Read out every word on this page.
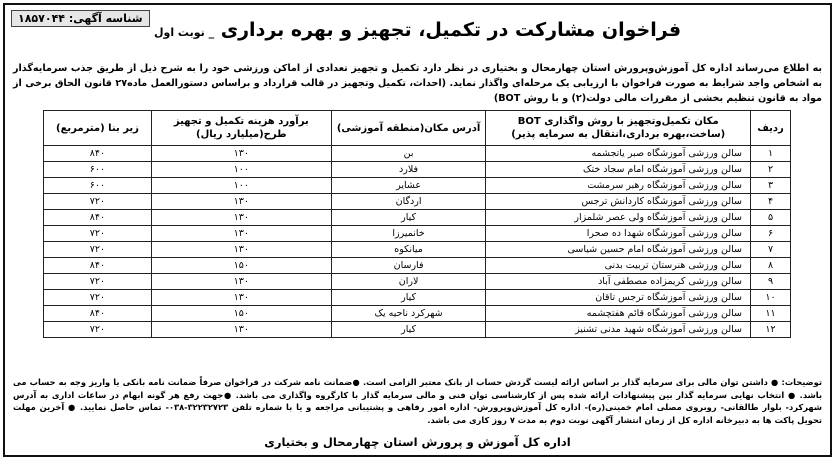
شناسه آگهی: ۱۸۵۷۰۴۴
فراخوان مشارکت در تکمیل، تجهیز و بهره برداری _ نوبت اول
به اطلاع می‌رساند اداره کل آموزش‌وپرورش استان چهارمحال و بختیاری در نظر دارد تکمیل و تجهیز تعدادی از اماکن ورزشی خود را به شرح ذیل از طریق جذب سرمایه‌گذار به اشخاص واجد شرایط به صورت فراخوان با ارزیابی یک مرحله‌ای واگذار نماید. (احداث، تکمیل وتجهیز در قالب قرارداد و براساس دستورالعمل ماده۲۷ قانون الحاق برخی از مواد به قانون تنظیم بخشی از مقررات مالی دولت(۲) و با روش BOT)
ردیف	مکان تکمیل‌وتجهیز با روش واگذاری BOT (ساخت،بهره برداری،انتقال به سرمایه پذیر)	آدرس مکان(منطقه آموزشی)	برآورد هزینه تکمیل و تجهیز طرح(میلیارد ریال)	زیر بنا (مترمربع)
۱	سالن ورزشی آموزشگاه صبر یاتجشمه	بن	۱۳۰	۸۴۰
۲	سالن ورزشی آموزشگاه امام سجاد ختک	فلارد	۱۰۰	۶۰۰
۳	سالن ورزشی آموزشگاه رهبر سرمشت	عشایر	۱۰۰	۶۰۰
۴	سالن ورزشی آموزشگاه کاردانش ترجس	اردگان	۱۳۰	۷۲۰
۵	سالن ورزشی آموزشگاه ولی عصر شلمزار	کیار	۱۳۰	۸۴۰
۶	سالن ورزشی آموزشگاه شهدا ده صحرا	خانمیرزا	۱۳۰	۷۲۰
۷	سالن ورزشی آموزشگاه امام حسین شیاسی	میانکوه	۱۳۰	۷۲۰
۸	سالن ورزشی هنرستان تربیت بدنی	فارسان	۱۵۰	۸۴۰
۹	سالن ورزشی کریمزاده مصطفی آباد	لاران	۱۳۰	۷۲۰
۱۰	سالن ورزشی آموزشگاه ترجس تاقان	کیار	۱۳۰	۷۲۰
۱۱	سالن ورزشی آموزشگاه قائم هفتچشمه	شهرکرد ناحیه یک	۱۵۰	۸۴۰
۱۲	سالن ورزشی آموزشگاه شهید مدنی تشنیز	کیار	۱۳۰	۷۲۰
توضیحات: ● داشتن توان مالی برای سرمایه گذار بر اساس ارائه لیست گردش حساب از بانک معتبر الزامی است. ●ضمانت نامه شرکت در فراخوان صرفاً ضمانت نامه بانکی یا واریز وجه به حساب می باشد. ● انتخاب نهایی سرمایه گذار بین پیشنهادات ارائه شده پس از کارشناسی توان فنی و مالی سرمایه گذار با کارگروه واگذاری می باشد. ●جهت رفع هر گونه ابهام در ساعات اداری به آدرس شهرکرد- بلوار طالقانی- روبروی مصلی امام خمینی(ره)- اداره کل آموزش‌وپرورش- اداره امور رفاهی و پشتیبانی مراجعه و یا با شماره تلفن ۳۲۲۳۲۷۲۳-۰۳۸- تماس حاصل نمایید. ● آخرین مهلت تحویل پاکت ها به دبیرخانه اداره کل از زمان انتشار آگهی نوبت دوم به مدت ۷ روز کاری می باشد.
اداره کل آموزش و پرورش استان چهارمحال و بختیاری
